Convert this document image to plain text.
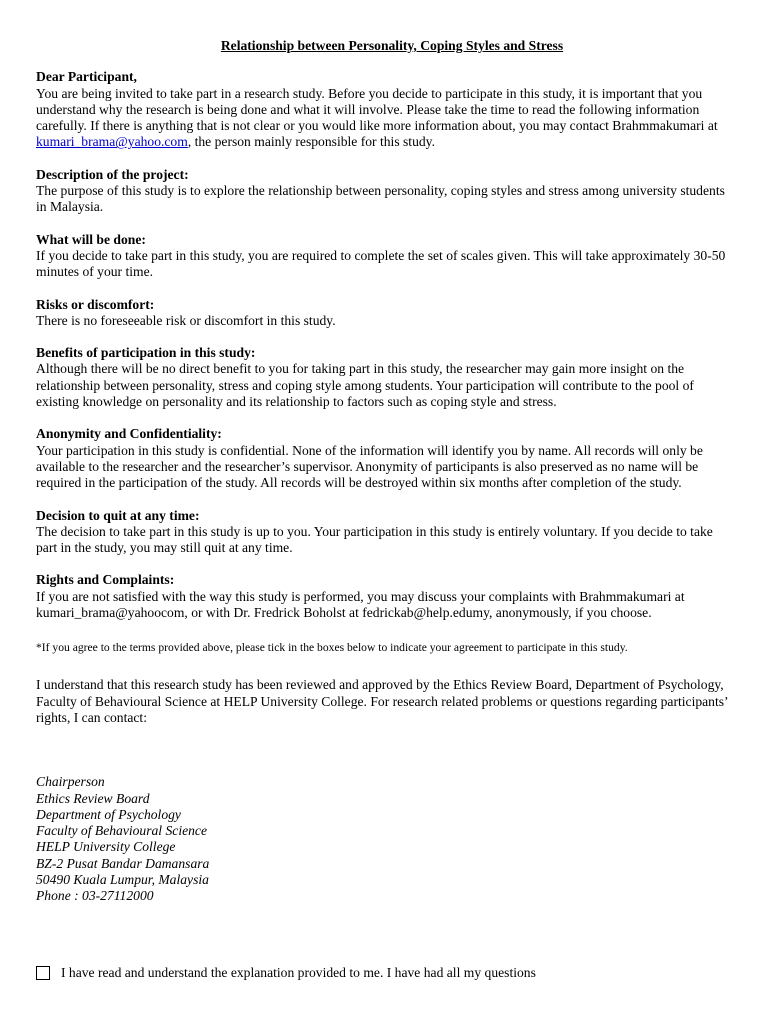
Relationship between Personality, Coping Styles and Stress
Dear Participant,

You are being invited to take part in a research study. Before you decide to participate in this study, it is important that you understand why the research is being done and what it will involve. Please take the time to read the following information carefully. If there is anything that is not clear or you would like more information about, you may contact Brahmmakumari at kumari_brama@yahoo.com, the person mainly responsible for this study.

Description of the project:

The purpose of this study is to explore the relationship between personality, coping styles and stress among university students in Malaysia.

What will be done:

If you decide to take part in this study, you are required to complete the set of scales given. This will take approximately 30-50 minutes of your time.

Risks or discomfort:

There is no foreseeable risk or discomfort in this study.

Benefits of participation in this study:

Although there will be no direct benefit to you for taking part in this study, the researcher may gain more insight on the relationship between personality, stress and coping style among students. Your participation will contribute to the pool of existing knowledge on personality and its relationship to factors such as coping style and stress.

Anonymity and Confidentiality:

Your participation in this study is confidential. None of the information will identify you by name. All records will only be available to the researcher and the researcher’s supervisor. Anonymity of participants is also preserved as no name will be required in the participation of the study. All records will be destroyed within six months after completion of the study.

Decision to quit at any time:

The decision to take part in this study is up to you. Your participation in this study is entirely voluntary. If you decide to take part in the study, you may still quit at any time.

Rights and Complaints:

If you are not satisfied with the way this study is performed, you may discuss your complaints with Brahmmakumari at kumari_brama@yahoocom, or with Dr. Fredrick Boholst at fedrickab@help.edumy, anonymously, if you choose.

*If you agree to the terms provided above, please tick in the boxes below to indicate your agreement to participate in this study.

I understand that this research study has been reviewed and approved by the Ethics Review Board, Department of Psychology, Faculty of Behavioural Science at HELP University College. For research related problems or questions regarding participants’ rights, I can contact:

Chairperson
Ethics Review Board
Department of Psychology
Faculty of Behavioural Science
HELP University College
BZ-2 Pusat Bandar Damansara
50490 Kuala Lumpur, Malaysia
Phone : 03-27112000
I have read and understand the explanation provided to me. I have had all my questions
